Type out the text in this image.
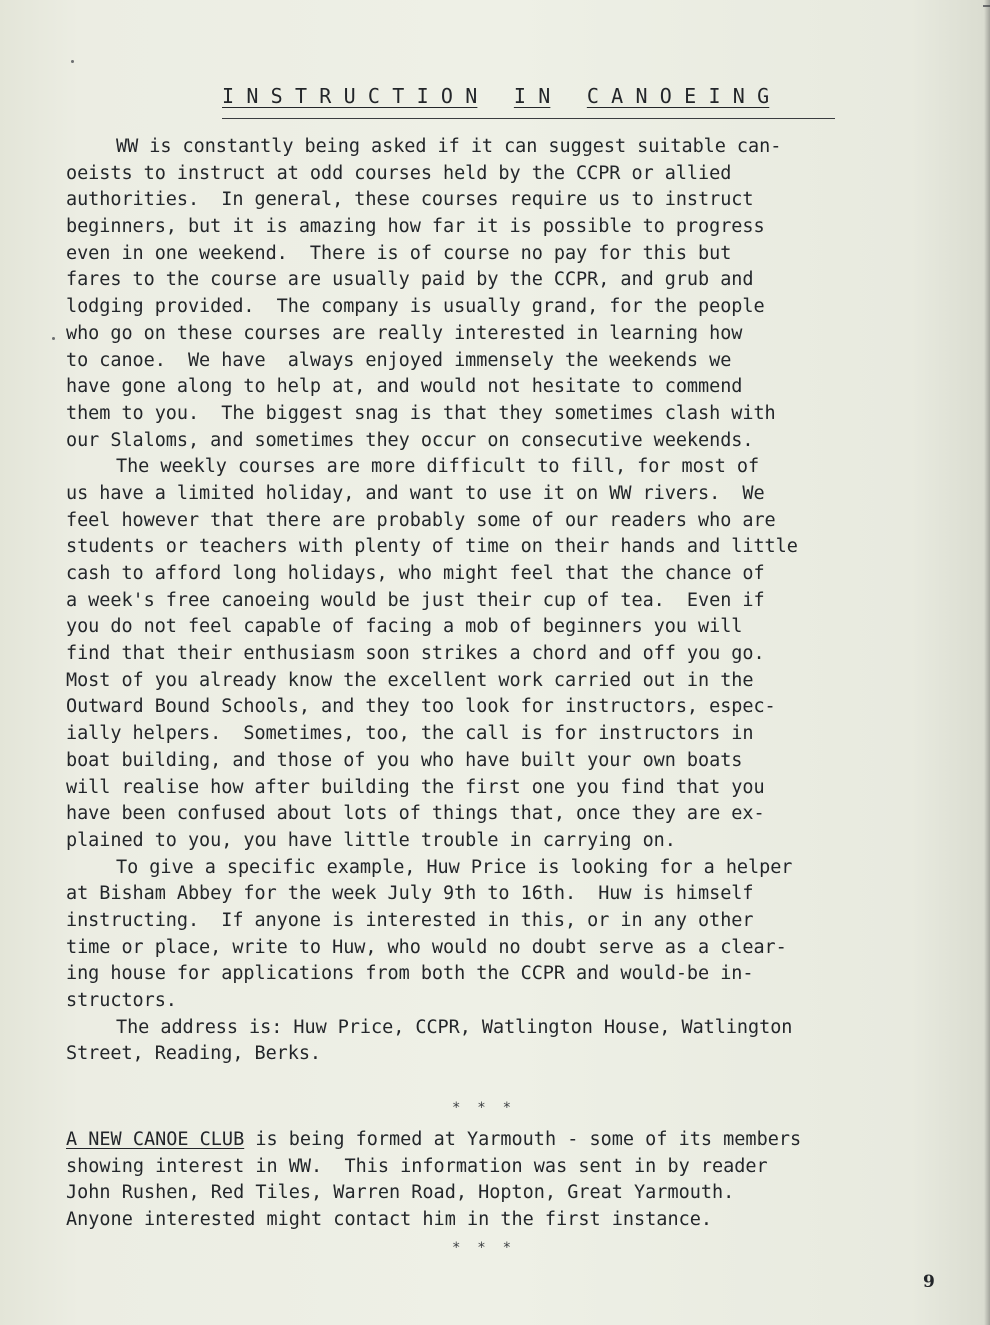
I N S T R U C T I O N I N C A N O E I N G
WW is constantly being asked if it can suggest suitable can-
oeists to instruct at odd courses held by the CCPR or allied
authorities.  In general, these courses require us to instruct
beginners, but it is amazing how far it is possible to progress
even in one weekend.  There is of course no pay for this but
fares to the course are usually paid by the CCPR, and grub and
lodging provided.  The company is usually grand, for the people
who go on these courses are really interested in learning how
to canoe.  We have  always enjoyed immensely the weekends we
have gone along to help at, and would not hesitate to commend
them to you.  The biggest snag is that they sometimes clash with
our Slaloms, and sometimes they occur on consecutive weekends.
The weekly courses are more difficult to fill, for most of
us have a limited holiday, and want to use it on WW rivers.  We
feel however that there are probably some of our readers who are
students or teachers with plenty of time on their hands and little
cash to afford long holidays, who might feel that the chance of
a week's free canoeing would be just their cup of tea.  Even if
you do not feel capable of facing a mob of beginners you will
find that their enthusiasm soon strikes a chord and off you go.
Most of you already know the excellent work carried out in the
Outward Bound Schools, and they too look for instructors, espec-
ially helpers.  Sometimes, too, the call is for instructors in
boat building, and those of you who have built your own boats
will realise how after building the first one you find that you
have been confused about lots of things that, once they are ex-
plained to you, you have little trouble in carrying on.
To give a specific example, Huw Price is looking for a helper
at Bisham Abbey for the week July 9th to 16th.  Huw is himself
instructing.  If anyone is interested in this, or in any other
time or place, write to Huw, who would no doubt serve as a clear-
ing house for applications from both the CCPR and would-be in-
structors.
The address is: Huw Price, CCPR, Watlington House, Watlington
Street, Reading, Berks.
*  *  *
A NEW CANOE CLUB is being formed at Yarmouth - some of its members
showing interest in WW.  This information was sent in by reader
John Rushen, Red Tiles, Warren Road, Hopton, Great Yarmouth.
Anyone interested might contact him in the first instance.
*  *  *
9
